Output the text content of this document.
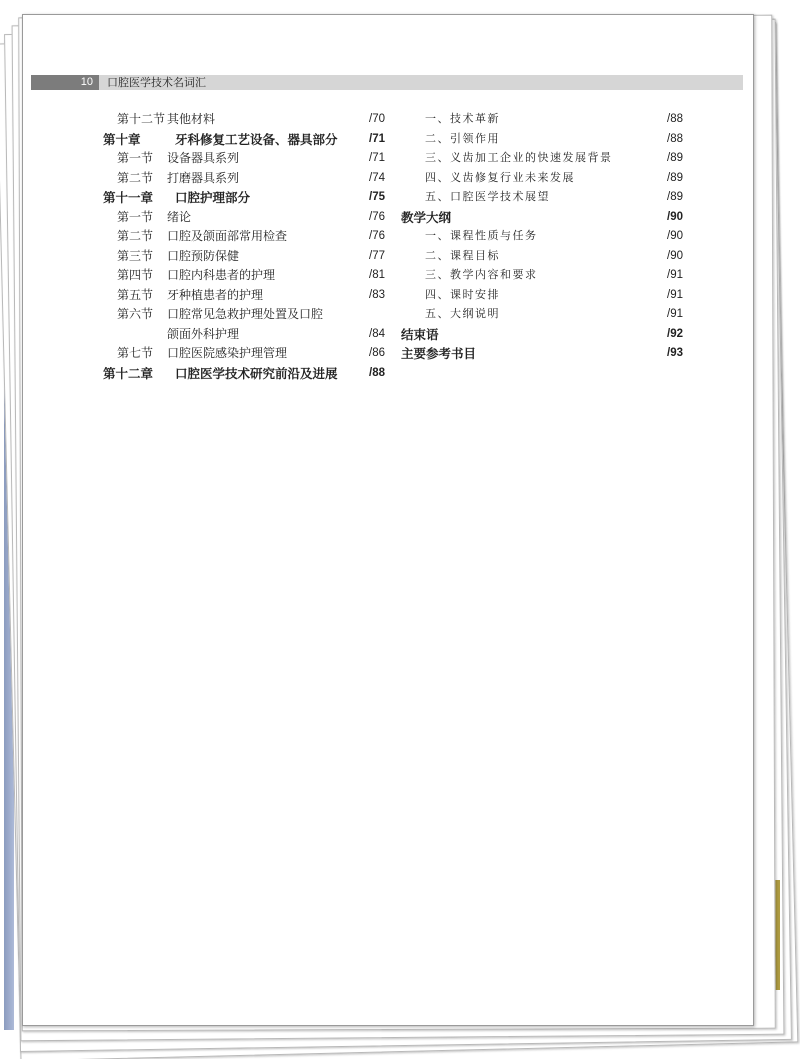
10	口腔医学技术名词汇
第十二节 其他材料	/70
第十章	牙科修复工艺设备、器具部分	/71
第一节 设备器具系列	/71
第二节 打磨器具系列	/74
第十一章 口腔护理部分	/75
第一节 绪论	/76
第二节 口腔及颌面部常用检查	/76
第三节 口腔预防保健	/77
第四节 口腔内科患者的护理	/81
第五节 牙种植患者的护理	/83
第六节 口腔常见急救护理处置及口腔
颌面外科护理	/84
第七节 口腔医院感染护理管理	/86
第十二章 口腔医学技术研究前沿及进展	/88
一、技术革新	/88
二、引领作用	/88
三、义齿加工企业的快速发展背景	/89
四、义齿修复行业未来发展	/89
五、口腔医学技术展望	/89
教学大纲	/90
一、课程性质与任务	/90
二、课程目标	/90
三、教学内容和要求	/91
四、课时安排	/91
五、大纲说明	/91
结束语	/92
主要参考书目	/93
